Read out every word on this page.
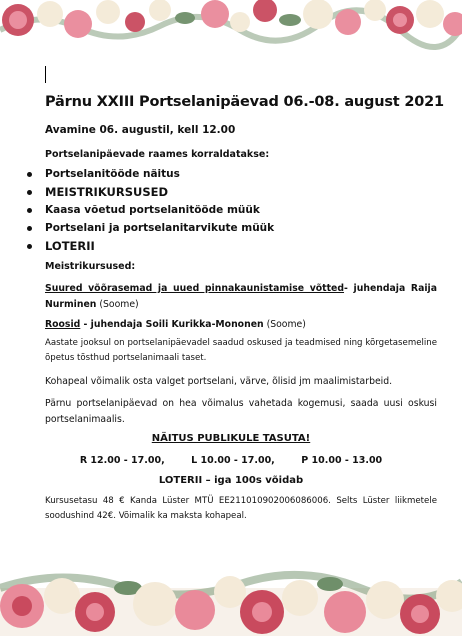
Pärnu XXIII Portselanipäevad 06.-08. august 2021
Avamine 06. augustil, kell 12.00
Portselanipäevade raames korraldatakse:
Portselanitööde näitus
MEISTRIKURSUSED
Kaasa võetud portselanitööde müük
Portselani ja portselanitarvikute müük
LOTERII
Meistrikursused:
Suured võõrasemad ja uued pinnakaunistamise võtted- juhendaja Raija Nurminen (Soome)
Roosid - juhendaja Soili Kurikka-Mononen (Soome)
Aastate jooksul on portselanipäevadel saadud oskused ja teadmised ning kõrgetasemeline õpetus tõsthud portselanimaali taset.
Kohapeal võimalik osta valget portselani, värve, õlisid jm maalimistarbeid.
Pärnu portselanipäevad on hea võimalus vahetada kogemusi, saada uusi oskusi portselanimaalis.
NÄITUS PUBLIKULE TASUTA!
R 12.00 - 17.00,        L 10.00 - 17.00,        P 10.00 - 13.00
LOTERII – iga 100s võidab
Kursusetasu 48 € Kanda Lüster MTÜ EE211010902006086006. Selts Lüster liikmetele soodushind 42€. Võimalik ka maksta kohapeal.
